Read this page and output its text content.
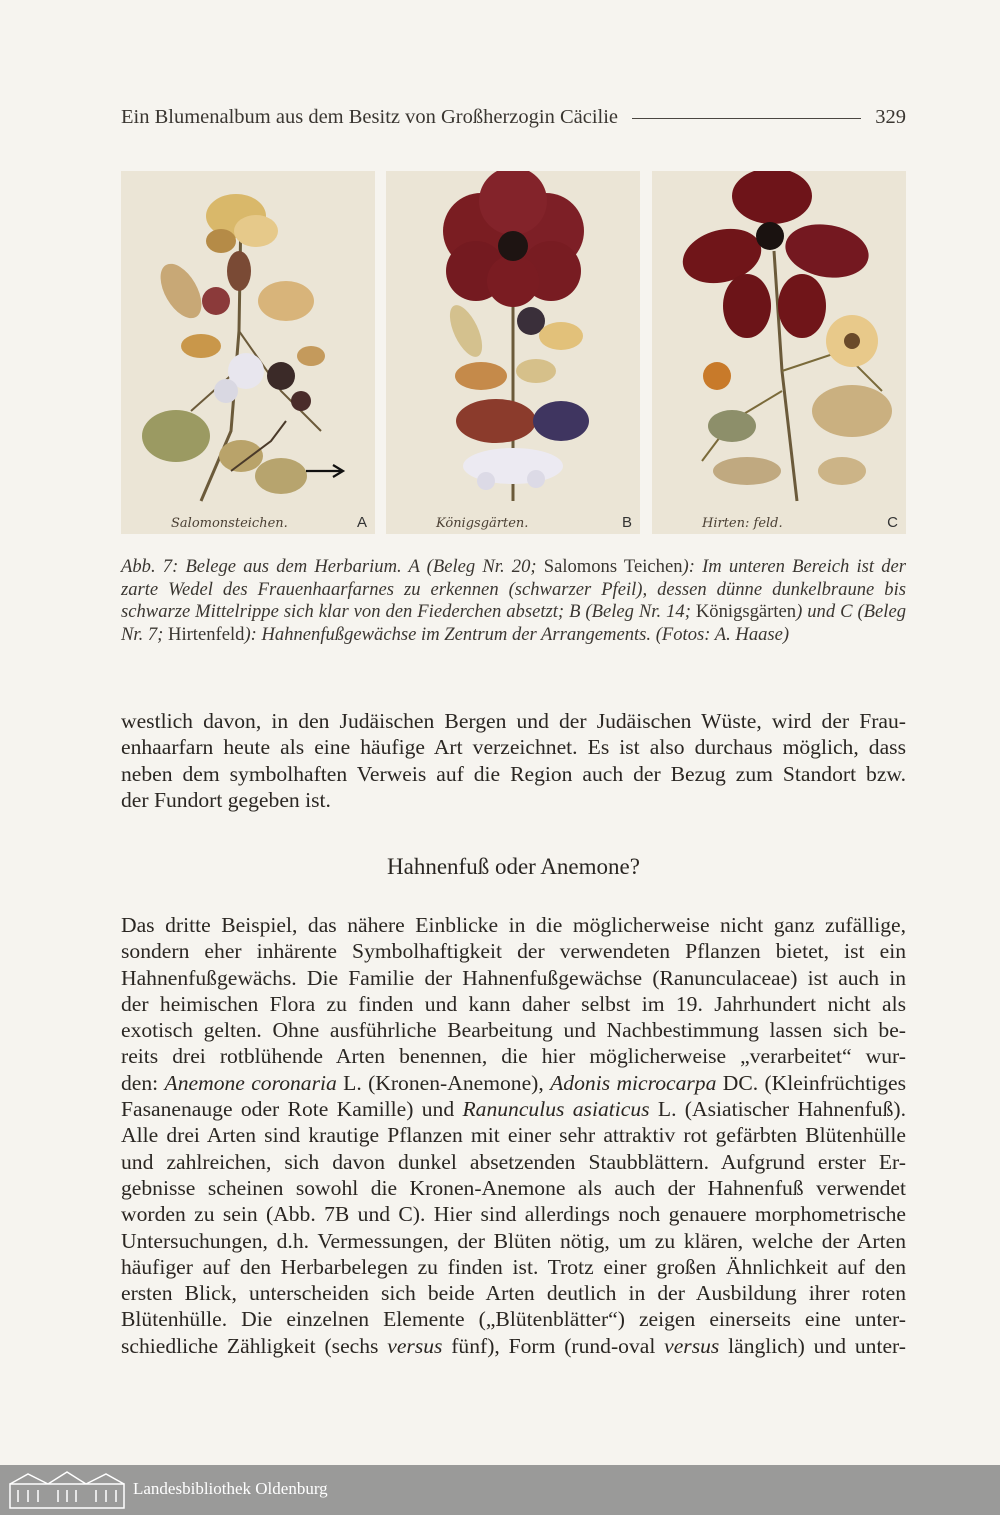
Ein Blumenalbum aus dem Besitz von Großherzogin Cäcilie	329
Salomonsteichen.	A	Königsgärten.	B	Hirten: feld.	C

Abb. 7: Belege aus dem Herbarium. A (Beleg Nr. 20; Salomons Teichen): Im unteren Bereich ist der zarte Wedel des Frauenhaarfarnes zu erkennen (schwarzer Pfeil), dessen dünne dunkelbraune bis schwarze Mittelrippe sich klar von den Fiederchen absetzt; B (Beleg Nr. 14; Königsgärten) und C (Beleg Nr. 7; Hirtenfeld): Hahnenfußgewächse im Zentrum der Arrangements. (Fotos: A. Haase)

westlich davon, in den Judäischen Bergen und der Judäischen Wüste, wird der Frau-
enhaarfarn heute als eine häufige Art verzeichnet. Es ist also durchaus möglich, dass
neben dem symbolhaften Verweis auf die Region auch der Bezug zum Standort bzw.
der Fundort gegeben ist.
Hahnenfuß oder Anemone?
Das dritte Beispiel, das nähere Einblicke in die möglicherweise nicht ganz zufällige,
sondern eher inhärente Symbolhaftigkeit der verwendeten Pflanzen bietet, ist ein
Hahnenfußgewächs. Die Familie der Hahnenfußgewächse (Ranunculaceae) ist auch in
der heimischen Flora zu finden und kann daher selbst im 19. Jahrhundert nicht als
exotisch gelten. Ohne ausführliche Bearbeitung und Nachbestimmung lassen sich be-
reits drei rotblühende Arten benennen, die hier möglicherweise „verarbeitet“ wur-
den: Anemone coronaria L. (Kronen-Anemone), Adonis microcarpa DC. (Kleinfrüchtiges
Fasanenauge oder Rote Kamille) und Ranunculus asiaticus L. (Asiatischer Hahnenfuß).
Alle drei Arten sind krautige Pflanzen mit einer sehr attraktiv rot gefärbten Blütenhülle
und zahlreichen, sich davon dunkel absetzenden Staubblättern. Aufgrund erster Er-
gebnisse scheinen sowohl die Kronen-Anemone als auch der Hahnenfuß verwendet
worden zu sein (Abb. 7B und C). Hier sind allerdings noch genauere morphometrische
Untersuchungen, d.h. Vermessungen, der Blüten nötig, um zu klären, welche der Arten
häufiger auf den Herbarbelegen zu finden ist. Trotz einer großen Ähnlichkeit auf den
ersten Blick, unterscheiden sich beide Arten deutlich in der Ausbildung ihrer roten
Blütenhülle. Die einzelnen Elemente („Blütenblätter“) zeigen einerseits eine unter-
schiedliche Zähligkeit (sechs versus fünf), Form (rund-oval versus länglich) und unter-
Landesbibliothek Oldenburg
